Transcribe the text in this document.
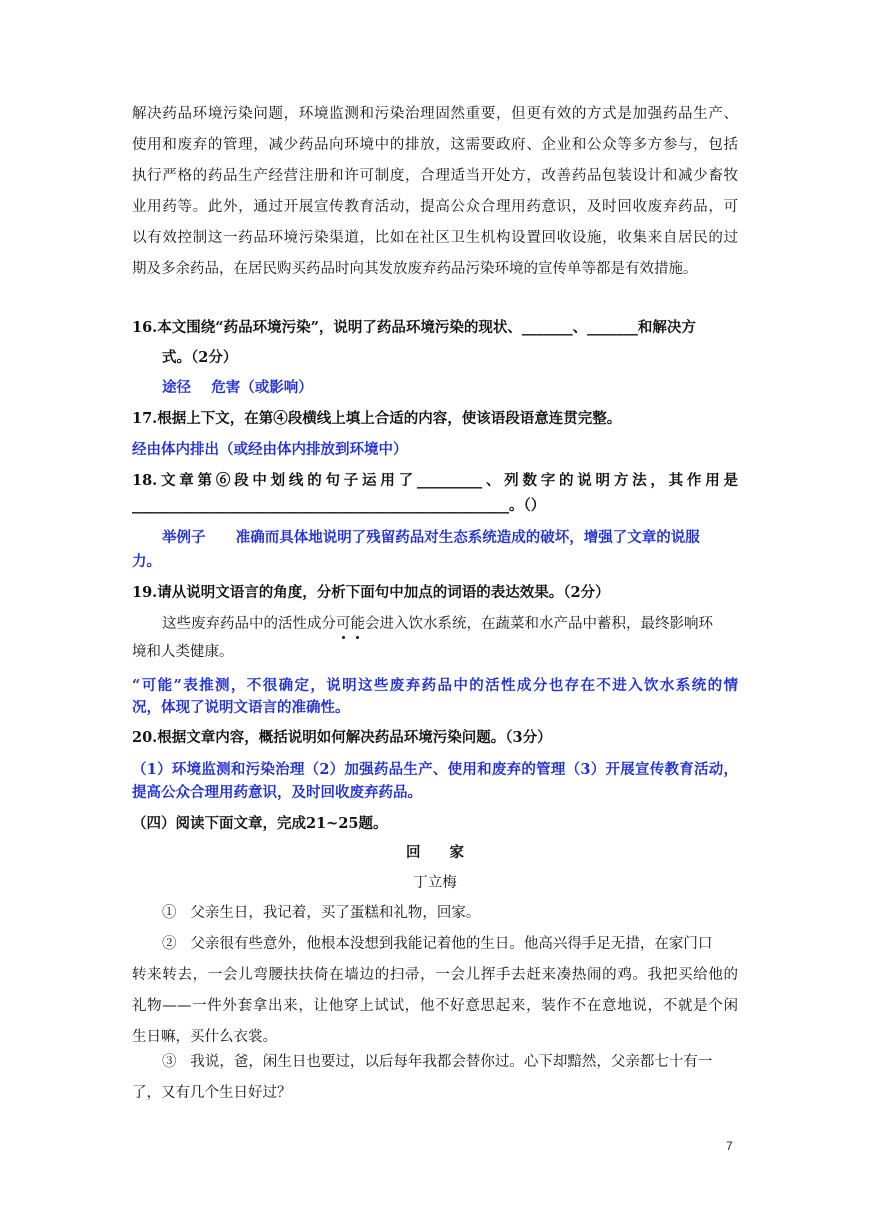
解决药品环境污染问题，环境监测和污染治理固然重要，但更有效的方式是加强药品生产、
使用和废弃的管理，减少药品向环境中的排放，这需要政府、企业和公众等多方参与，包括
执行严格的药品生产经营注册和许可制度，合理适当开处方，改善药品包装设计和减少畜牧
业用药等。此外，通过开展宣传教育活动，提高公众合理用药意识，及时回收废弃药品，可
以有效控制这一药品环境污染渠道，比如在社区卫生机构设置回收设施，收集来自居民的过
期及多余药品，在居民购买药品时向其发放废弃药品污染环境的宣传单等都是有效措施。
16.本文围绕“药品环境污染”，说明了药品环境污染的现状、_______、_______和解决方
式。（2分）
途径    危害（或影响）
17.根据上下文，在第④段横线上填上合适的内容，使该语段语意连贯完整。
经由体内排出（或经由体内排放到环境中）
18.文章第⑥段中划线的句子运用了_________、列数字的说明方法，其作用是
____________________________________________________。（）
举例子      准确而具体地说明了残留药品对生态系统造成的破坏，增强了文章的说服
力。
19.请从说明文语言的角度，分析下面句中加点的词语的表达效果。（2分）
这些废弃药品中的活性成分可能会进入饮水系统，在蔬菜和水产品中蓄积，最终影响环
境和人类健康。
“可能”表推测，不很确定，说明这些废弃药品中的活性成分也存在不进入饮水系统的情
况，体现了说明文语言的准确性。
20.根据文章内容，概括说明如何解决药品环境污染问题。（3分）
（1）环境监测和污染治理（2）加强药品生产、使用和废弃的管理（3）开展宣传教育活动，
提高公众合理用药意识，及时回收废弃药品。
（四）阅读下面文章，完成21~25题。
回　　家
丁立梅
① 父亲生日，我记着，买了蛋糕和礼物，回家。
② 父亲很有些意外，他根本没想到我能记着他的生日。他高兴得手足无措，在家门口
转来转去，一会儿弯腰扶扶倚在墙边的扫帚，一会儿挥手去赶来凑热闹的鸡。我把买给他的
礼物——一件外套拿出来，让他穿上试试，他不好意思起来，装作不在意地说，不就是个闲
生日嘛，买什么衣裳。
③ 我说，爸，闲生日也要过，以后每年我都会替你过。心下却黯然，父亲都七十有一
了，又有几个生日好过？
7
